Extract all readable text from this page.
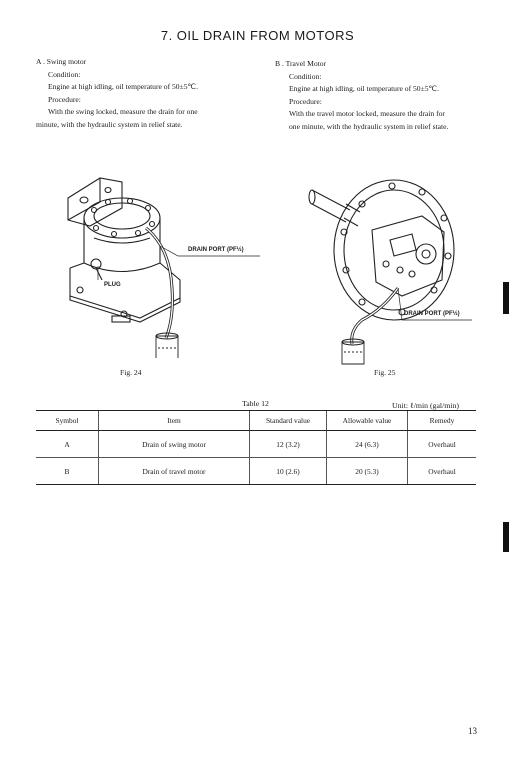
7. OIL DRAIN FROM MOTORS
A . Swing motor
Condition:
Engine at high idling, oil temperature of 50±5℃.
Procedure:
With the swing locked, measure the drain for one
minute, with the hydraulic system in relief state.
B . Travel Motor
Condition:
Engine at high idling, oil temperature of 50±5℃.
Procedure:
With the travel motor locked, measure the drain for
one minute, with the hydraulic system in relief state.
DRAIN PORT (PF½)
PLUG
DRAIN PORT (PF½)
Fig. 24	Fig. 25
Table 12	Unit: ℓ/min (gal/min)
Symbol	Item	Standard value	Allowable value	Remedy
A	Drain of swing motor	12 (3.2)	24 (6.3)	Overhaul
B	Drain of travel motor	10 (2.6)	20 (5.3)	Overhaul
13
